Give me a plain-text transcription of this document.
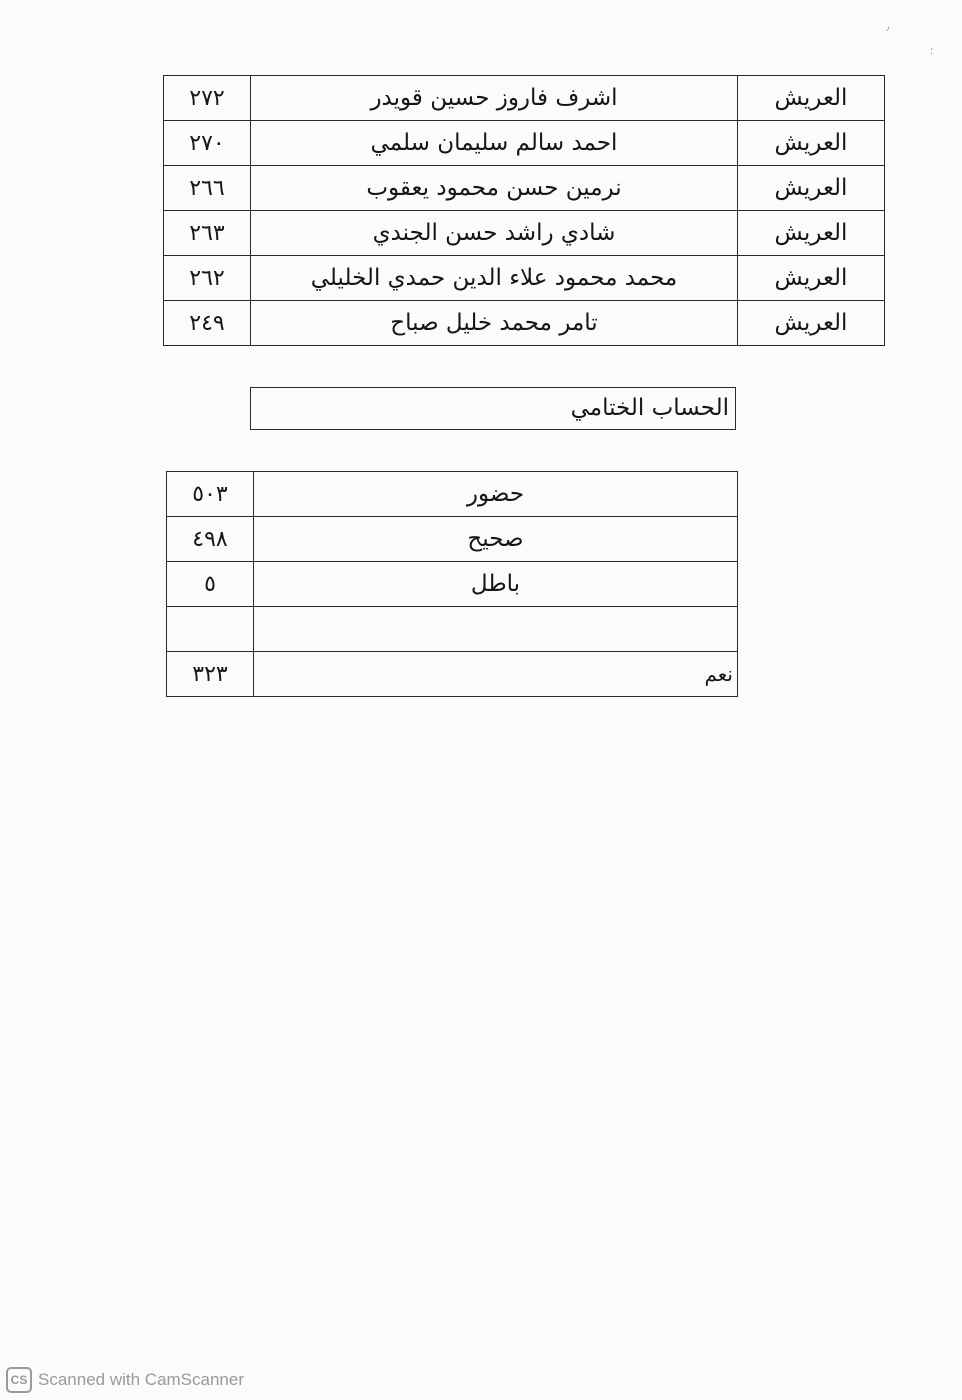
٫
؛
العريش	اشرف فاروز حسين قويدر	٢٧٢
العريش	احمد سالم سليمان سلمي	٢٧٠
العريش	نرمين حسن محمود يعقوب	٢٦٦
العريش	شادي راشد حسن الجندي	٢٦٣
العريش	محمد محمود علاء الدين حمدي الخليلي	٢٦٢
العريش	تامر محمد خليل صباح	٢٤٩
الحساب الختامي
حضور	٥٠٣
صحيح	٤٩٨
باطل	٥

نعم	٣٢٣
CS Scanned with CamScanner
